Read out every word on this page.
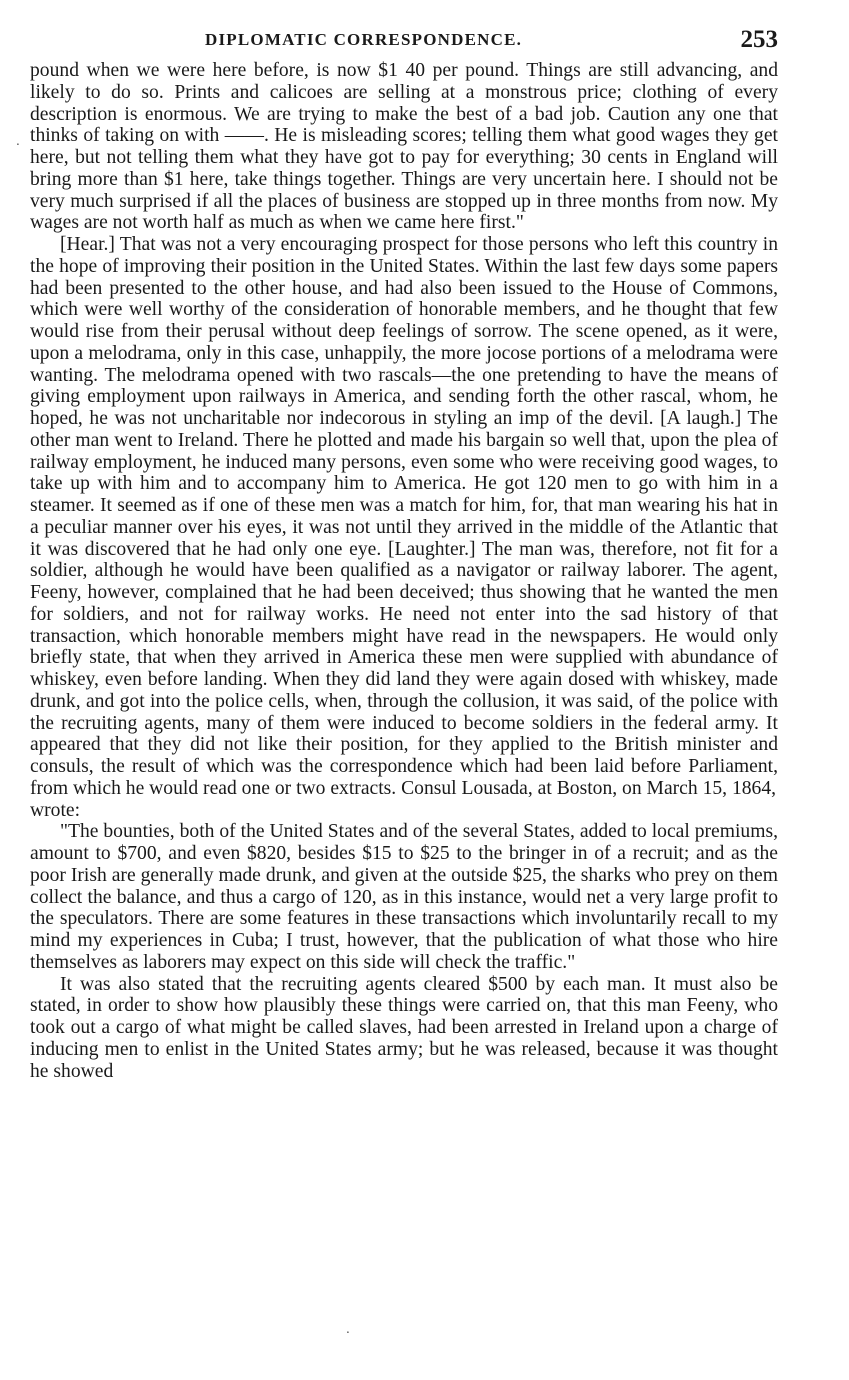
DIPLOMATIC CORRESPONDENCE.	253

pound when we were here before, is now $1 40 per pound. Things are still advancing, and likely to do so. Prints and calicoes are selling at a monstrous price; clothing of every description is enormous. We are trying to make the best of a bad job. Caution any one that thinks of taking on with ——. He is misleading scores; telling them what good wages they get here, but not telling them what they have got to pay for everything; 30 cents in England will bring more than $1 here, take things together. Things are very uncertain here. I should not be very much surprised if all the places of business are stopped up in three months from now. My wages are not worth half as much as when we came here first."

[Hear.] That was not a very encouraging prospect for those persons who left this country in the hope of improving their position in the United States. Within the last few days some papers had been presented to the other house, and had also been issued to the House of Commons, which were well worthy of the consideration of honorable members, and he thought that few would rise from their perusal without deep feelings of sorrow. The scene opened, as it were, upon a melodrama, only in this case, unhappily, the more jocose portions of a melodrama were wanting. The melodrama opened with two rascals—the one pretending to have the means of giving employment upon railways in America, and sending forth the other rascal, whom, he hoped, he was not uncharitable nor indecorous in styling an imp of the devil. [A laugh.] The other man went to Ireland. There he plotted and made his bargain so well that, upon the plea of railway employment, he induced many persons, even some who were receiving good wages, to take up with him and to accompany him to America. He got 120 men to go with him in a steamer. It seemed as if one of these men was a match for him, for, that man wearing his hat in a peculiar manner over his eyes, it was not until they arrived in the middle of the Atlantic that it was discovered that he had only one eye. [Laughter.] The man was, therefore, not fit for a soldier, although he would have been qualified as a navigator or railway laborer. The agent, Feeny, however, complained that he had been deceived; thus showing that he wanted the men for soldiers, and not for railway works. He need not enter into the sad history of that transaction, which honorable members might have read in the newspapers. He would only briefly state, that when they arrived in America these men were supplied with abundance of whiskey, even before landing. When they did land they were again dosed with whiskey, made drunk, and got into the police cells, when, through the collusion, it was said, of the police with the recruiting agents, many of them were induced to become soldiers in the federal army. It appeared that they did not like their position, for they applied to the British minister and consuls, the result of which was the correspondence which had been laid before Parliament, from which he would read one or two extracts. Consul Lousada, at Boston, on March 15, 1864,

wrote:

"The bounties, both of the United States and of the several States, added to local premiums, amount to $700, and even $820, besides $15 to $25 to the bringer in of a recruit; and as the poor Irish are generally made drunk, and given at the outside $25, the sharks who prey on them collect the balance, and thus a cargo of 120, as in this instance, would net a very large profit to the speculators. There are some features in these transactions which involuntarily recall to my mind my experiences in Cuba; I trust, however, that the publication of what those who hire themselves as laborers may expect on this side will check the traffic."

It was also stated that the recruiting agents cleared $500 by each man. It must also be stated, in order to show how plausibly these things were carried on, that this man Feeny, who took out a cargo of what might be called slaves, had been arrested in Ireland upon a charge of inducing men to enlist in the United States army; but he was released, because it was thought he showed

.
.
